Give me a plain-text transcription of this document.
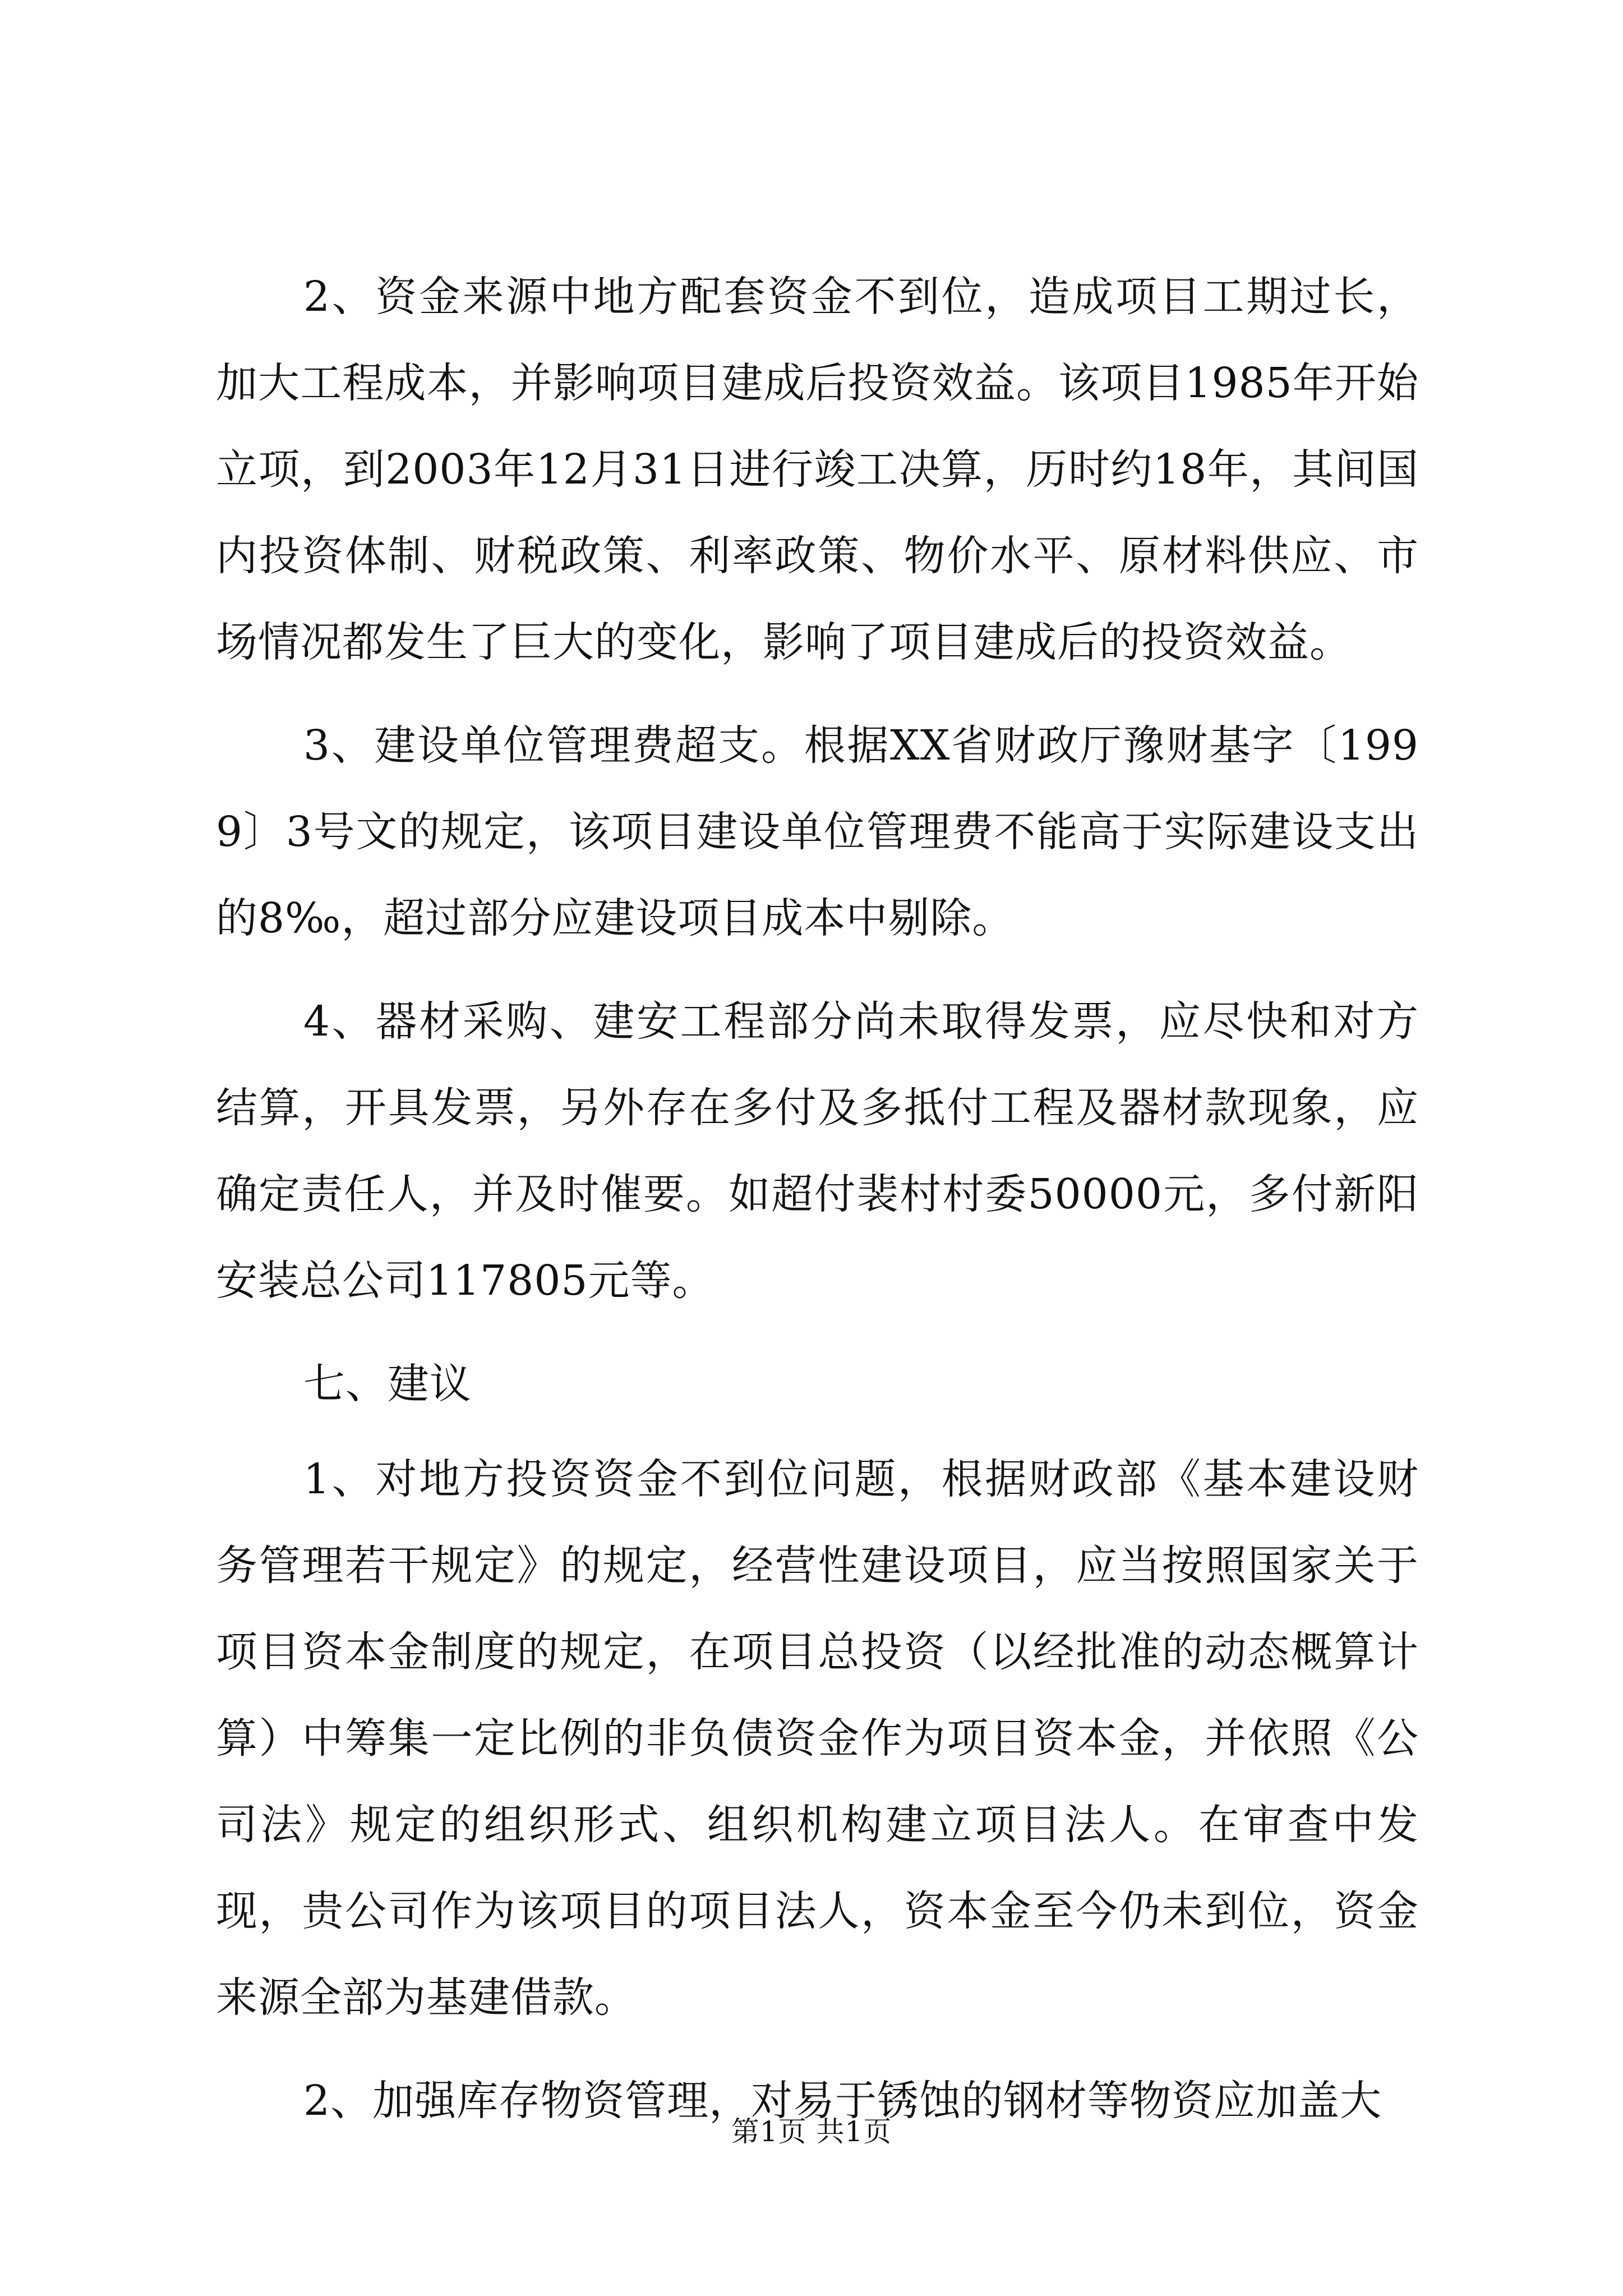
2、资金来源中地方配套资金不到位，造成项目工期过长，加大工程成本，并影响项目建成后投资效益。该项目1985年开始立项，到2003年12月31日进行竣工决算，历时约18年，其间国内投资体制、财税政策、利率政策、物价水平、原材料供应、市场情况都发生了巨大的变化，影响了项目建成后的投资效益。

3、建设单位管理费超支。根据XX省财政厅豫财基字〔1999〕3号文的规定，该项目建设单位管理费不能高于实际建设支出的8‰，超过部分应建设项目成本中剔除。

4、器材采购、建安工程部分尚未取得发票，应尽快和对方结算，开具发票，另外存在多付及多抵付工程及器材款现象，应确定责任人，并及时催要。如超付裴村村委50000元，多付新阳安装总公司117805元等。

七、建议

1、对地方投资资金不到位问题，根据财政部《基本建设财务管理若干规定》的规定，经营性建设项目，应当按照国家关于项目资本金制度的规定，在项目总投资（以经批准的动态概算计算）中筹集一定比例的非负债资金作为项目资本金，并依照《公司法》规定的组织形式、组织机构建立项目法人。在审查中发现，贵公司作为该项目的项目法人，资本金至今仍未到位，资金来源全部为基建借款。

2、加强库存物资管理，对易于锈蚀的钢材等物资应加盖大

第1页 共1页
